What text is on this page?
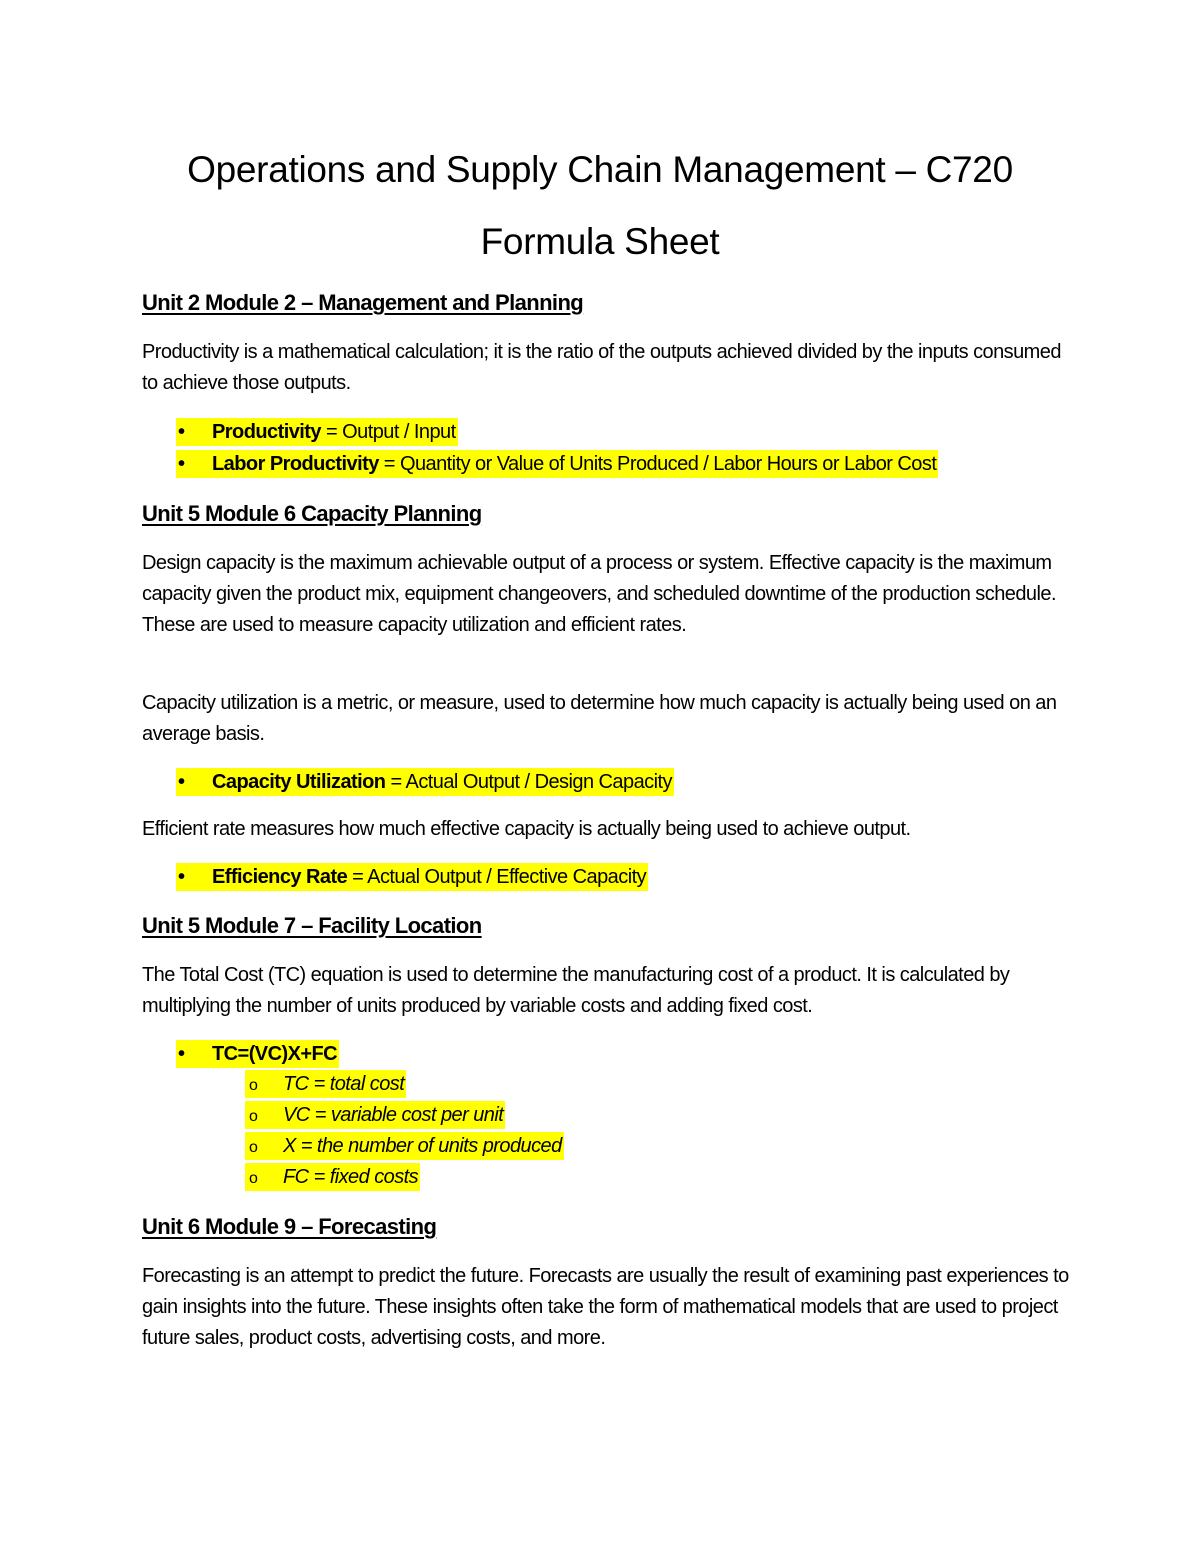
Operations and Supply Chain Management – C720
Formula Sheet
Unit 2 Module 2 – Management and Planning
Productivity is a mathematical calculation; it is the ratio of the outputs achieved divided by the inputs consumed to achieve those outputs.
• Productivity = Output / Input
• Labor Productivity = Quantity or Value of Units Produced / Labor Hours or Labor Cost
Unit 5 Module 6 Capacity Planning
Design capacity is the maximum achievable output of a process or system. Effective capacity is the maximum capacity given the product mix, equipment changeovers, and scheduled downtime of the production schedule. These are used to measure capacity utilization and efficient rates.
Capacity utilization is a metric, or measure, used to determine how much capacity is actually being used on an average basis.
• Capacity Utilization = Actual Output / Design Capacity
Efficient rate measures how much effective capacity is actually being used to achieve output.
• Efficiency Rate = Actual Output / Effective Capacity
Unit 5 Module 7 – Facility Location
The Total Cost (TC) equation is used to determine the manufacturing cost of a product. It is calculated by multiplying the number of units produced by variable costs and adding fixed cost.
• TC=(VC)X+FC
o TC = total cost
o VC = variable cost per unit
o X = the number of units produced
o FC = fixed costs
Unit 6 Module 9 – Forecasting
Forecasting is an attempt to predict the future. Forecasts are usually the result of examining past experiences to gain insights into the future. These insights often take the form of mathematical models that are used to project future sales, product costs, advertising costs, and more.
